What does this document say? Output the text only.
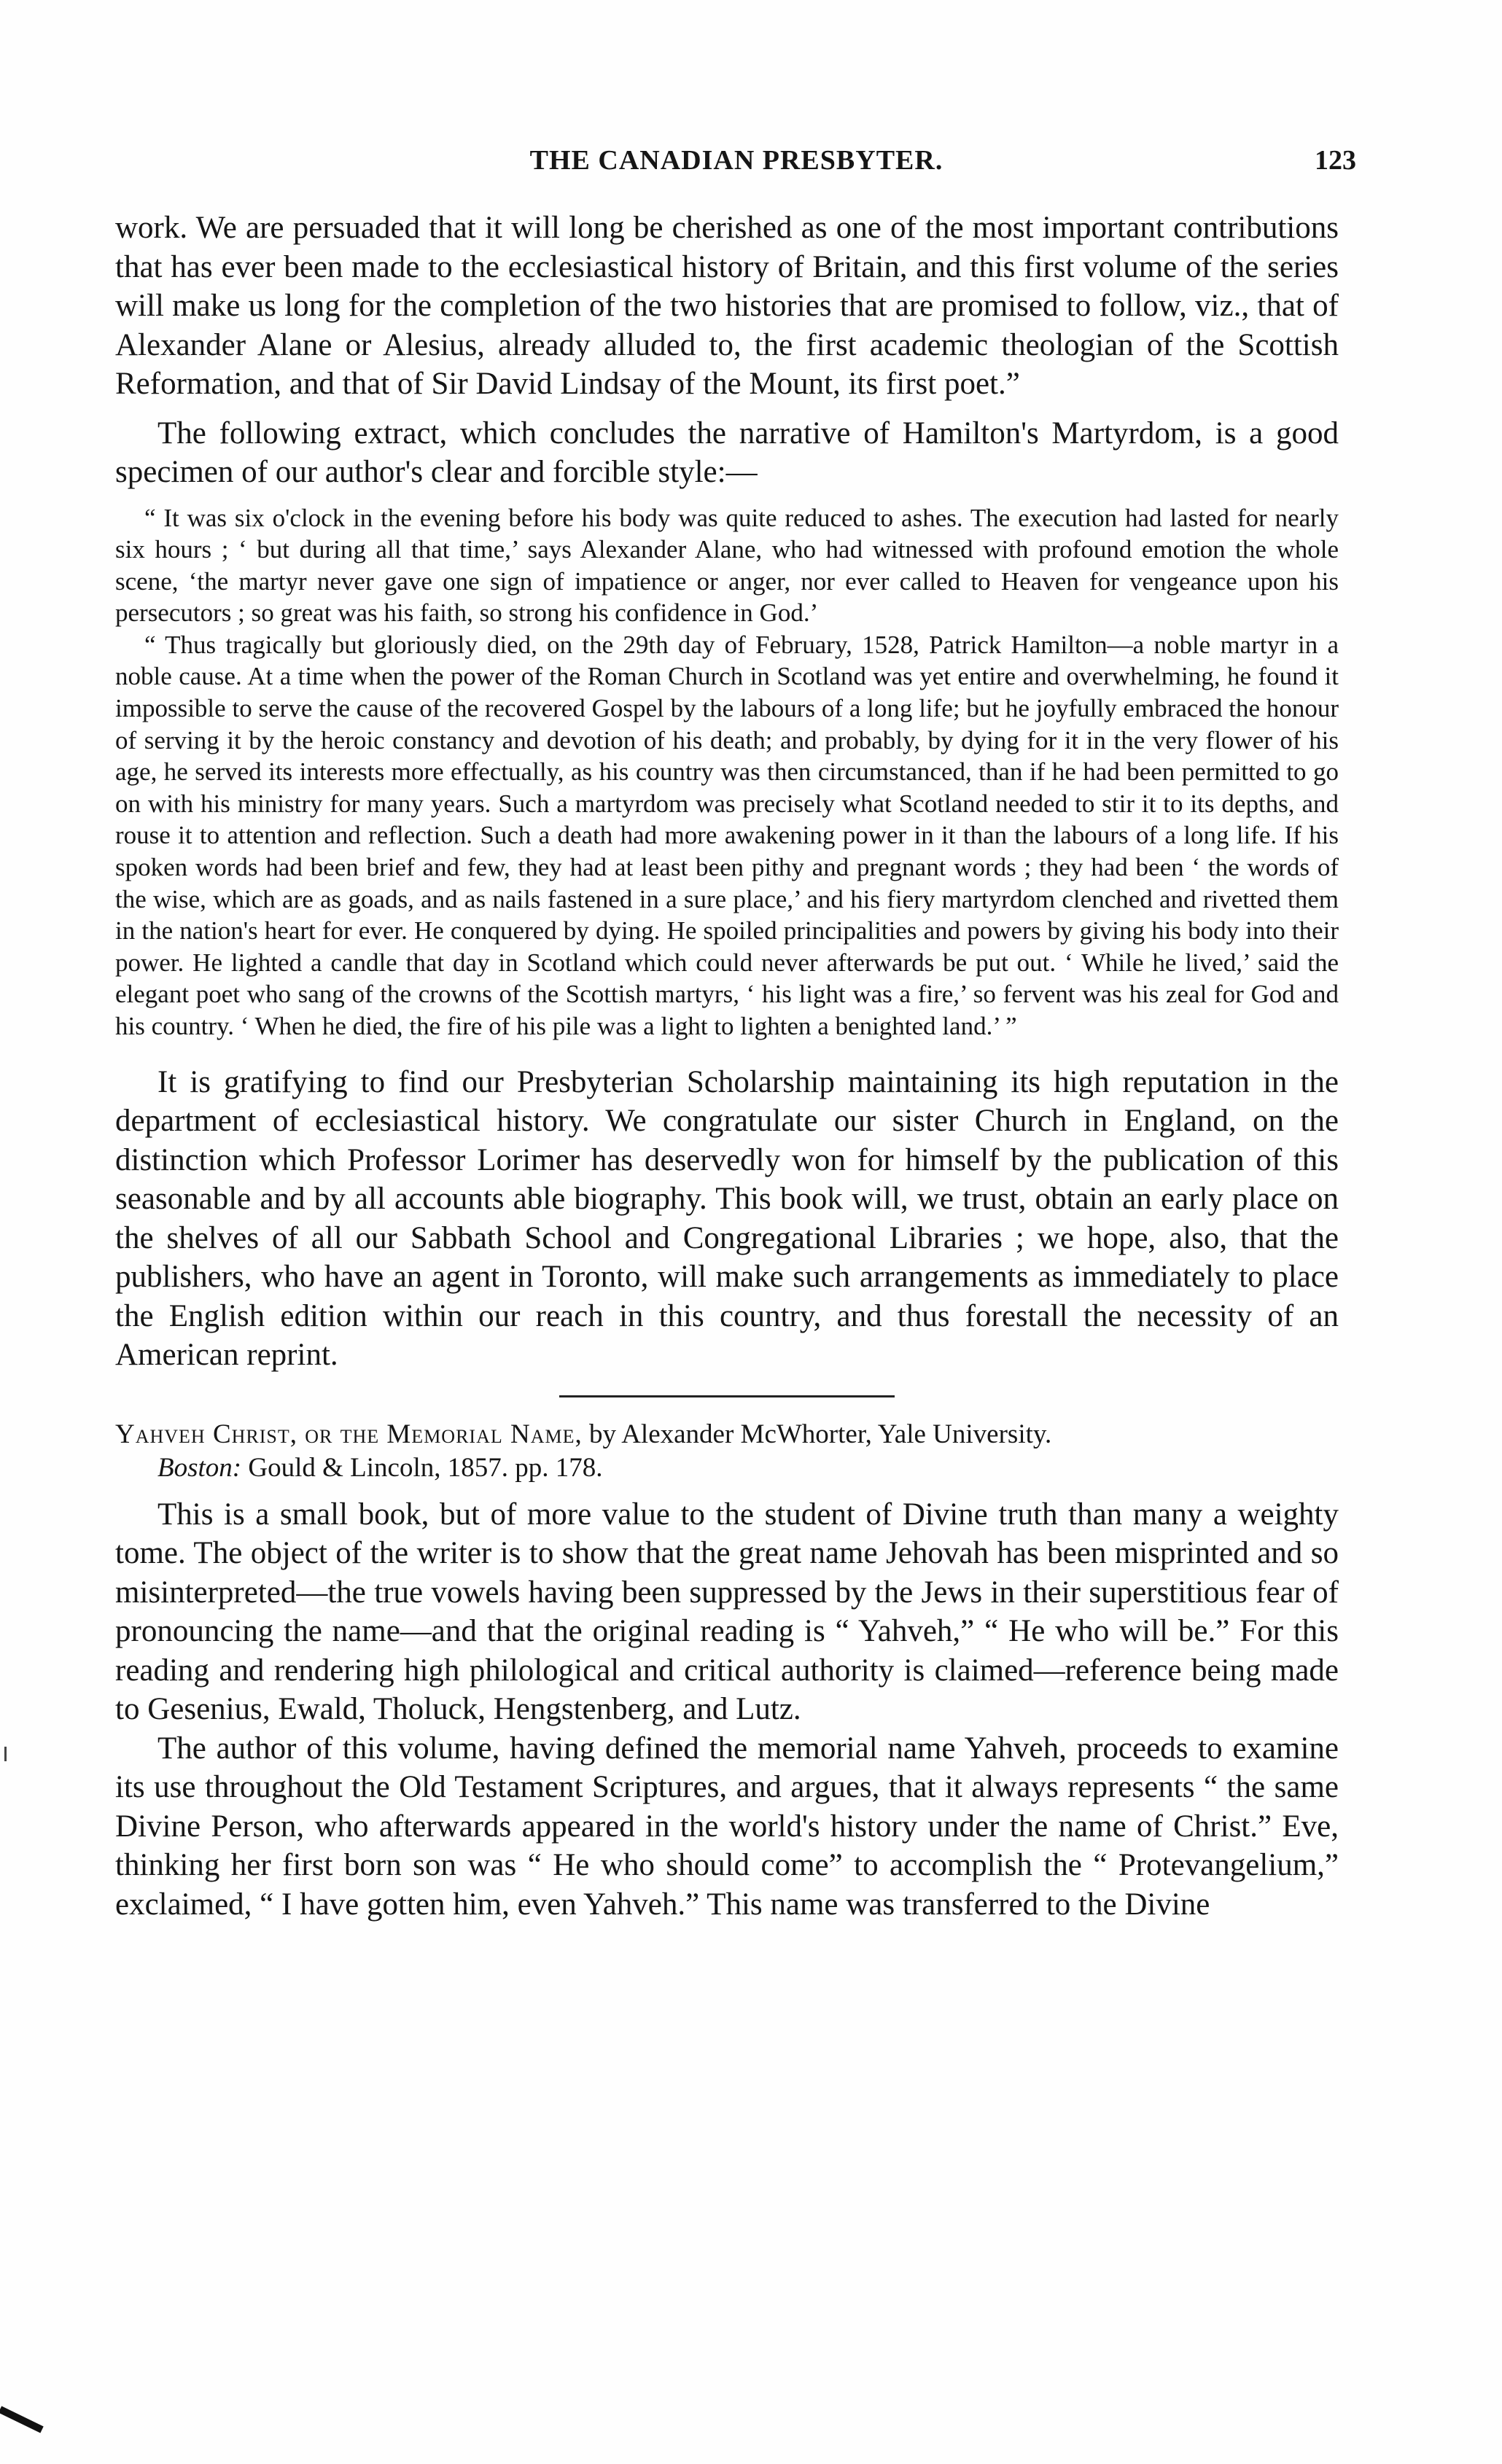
THE CANADIAN PRESBYTER.	123

work. We are persuaded that it will long be cherished as one of the most important contributions that has ever been made to the ecclesiastical history of Britain, and this first volume of the series will make us long for the completion of the two histories that are promised to follow, viz., that of Alexander Alane or Alesius, already alluded to, the first academic theologian of the Scottish Reformation, and that of Sir David Lindsay of the Mount, its first poet.”

The following extract, which concludes the narrative of Hamilton's Martyrdom, is a good specimen of our author's clear and forcible style:—

“ It was six o'clock in the evening before his body was quite reduced to ashes. The execution had lasted for nearly six hours ; ‘ but during all that time,’ says Alexander Alane, who had witnessed with profound emotion the whole scene, ‘the martyr never gave one sign of impatience or anger, nor ever called to Heaven for vengeance upon his persecutors ; so great was his faith, so strong his confidence in God.’

“ Thus tragically but gloriously died, on the 29th day of February, 1528, Patrick Hamilton—a noble martyr in a noble cause. At a time when the power of the Roman Church in Scotland was yet entire and overwhelming, he found it impossible to serve the cause of the recovered Gospel by the labours of a long life; but he joyfully embraced the honour of serving it by the heroic constancy and devotion of his death; and probably, by dying for it in the very flower of his age, he served its interests more effectually, as his country was then circumstanced, than if he had been permitted to go on with his ministry for many years. Such a martyrdom was precisely what Scotland needed to stir it to its depths, and rouse it to attention and reflection. Such a death had more awakening power in it than the labours of a long life. If his spoken words had been brief and few, they had at least been pithy and pregnant words ; they had been ‘ the words of the wise, which are as goads, and as nails fastened in a sure place,’ and his fiery martyrdom clenched and rivetted them in the nation's heart for ever. He conquered by dying. He spoiled principalities and powers by giving his body into their power. He lighted a candle that day in Scotland which could never afterwards be put out. ‘ While he lived,’ said the elegant poet who sang of the crowns of the Scottish martyrs, ‘ his light was a fire,’ so fervent was his zeal for God and his country. ‘ When he died, the fire of his pile was a light to lighten a benighted land.’ ”

It is gratifying to find our Presbyterian Scholarship maintaining its high reputation in the department of ecclesiastical history. We congratulate our sister Church in England, on the distinction which Professor Lorimer has deservedly won for himself by the publication of this seasonable and by all accounts able biography. This book will, we trust, obtain an early place on the shelves of all our Sabbath School and Congregational Libraries ; we hope, also, that the publishers, who have an agent in Toronto, will make such arrangements as immediately to place the English edition within our reach in this country, and thus forestall the necessity of an American reprint.

Yahveh Christ, or the Memorial Name, by Alexander McWhorter, Yale University.
Boston: Gould & Lincoln, 1857. pp. 178.

This is a small book, but of more value to the student of Divine truth than many a weighty tome. The object of the writer is to show that the great name Jehovah has been misprinted and so misinterpreted—the true vowels having been suppressed by the Jews in their superstitious fear of pronouncing the name—and that the original reading is “ Yahveh,” “ He who will be.” For this reading and rendering high philological and critical authority is claimed—reference being made to Gesenius, Ewald, Tholuck, Hengstenberg, and Lutz.

The author of this volume, having defined the memorial name Yahveh, proceeds to examine its use throughout the Old Testament Scriptures, and argues, that it always represents “ the same Divine Person, who afterwards appeared in the world's history under the name of Christ.” Eve, thinking her first born son was “ He who should come” to accomplish the “ Protevangelium,” exclaimed, “ I have gotten him, even Yahveh.” This name was transferred to the Divine
